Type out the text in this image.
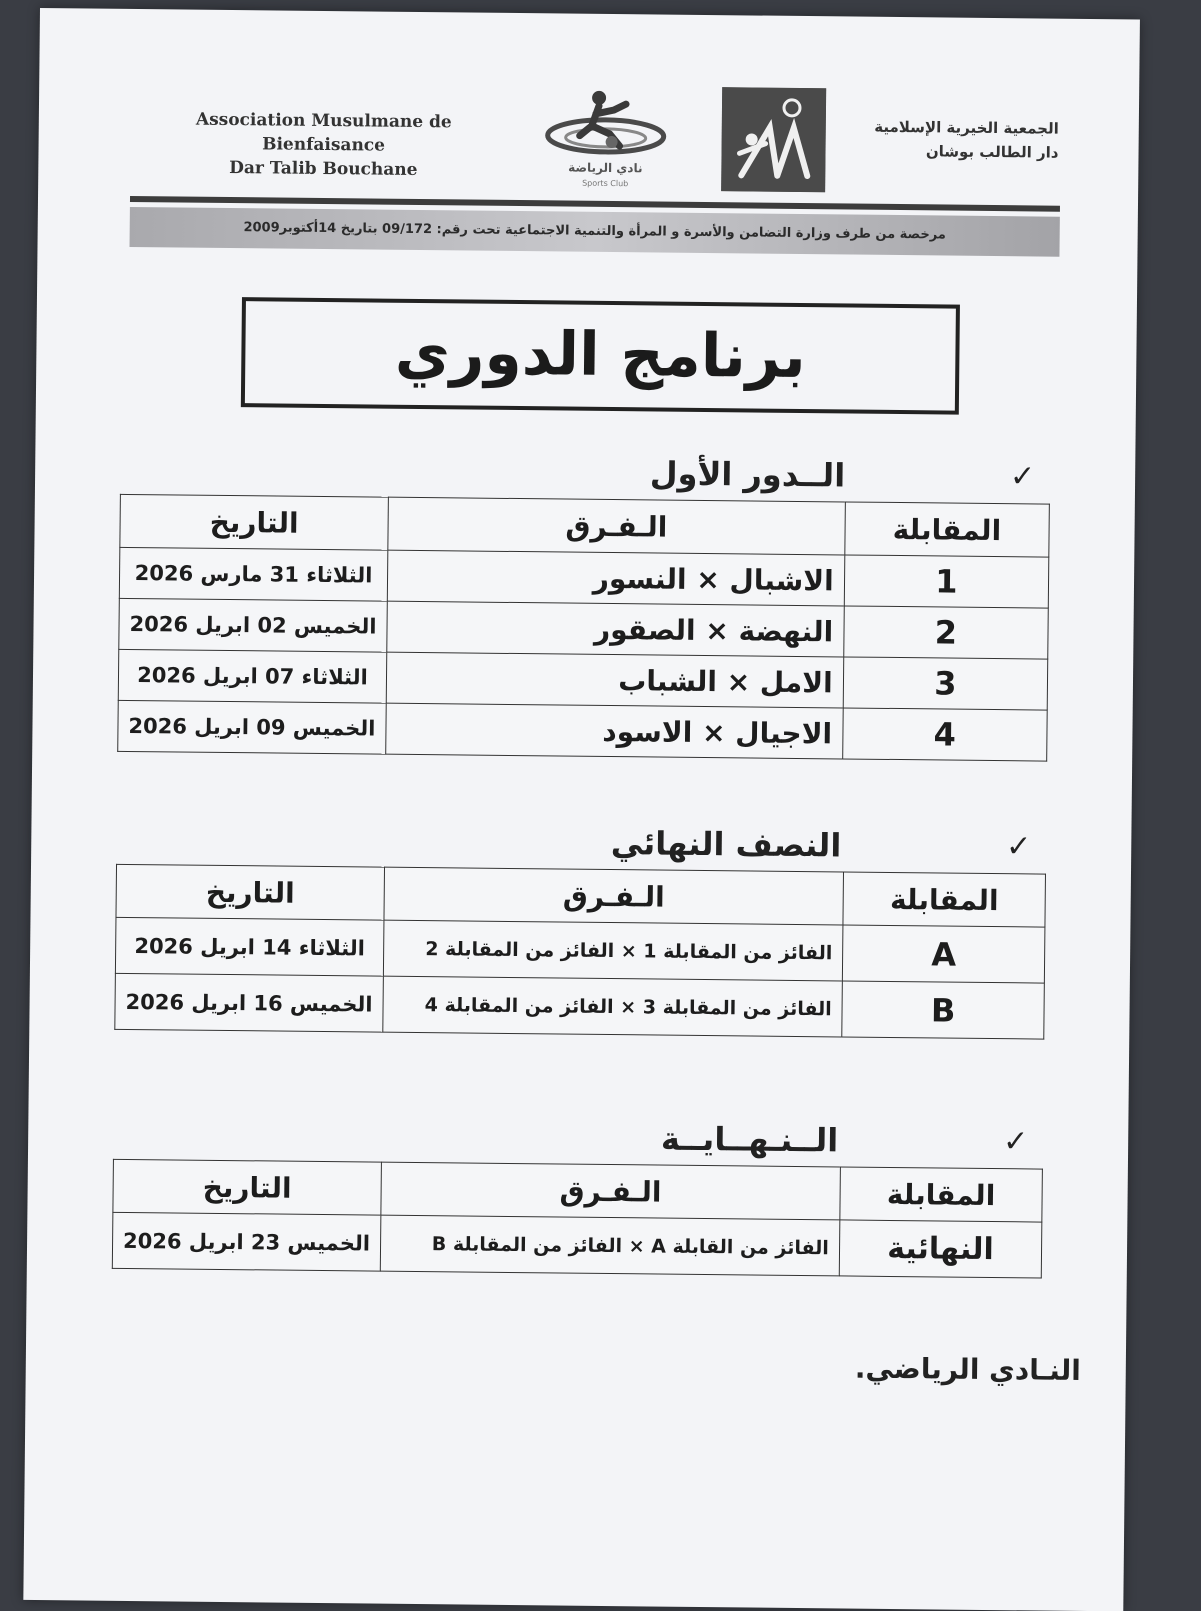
Association Musulmane de Bienfaisance
Dar Talib Bouchane	نادي الرياضة
Sports Club
الجمعية الخيرية الإسلامية
دار الطالب بوشان
مرخصة من طرف وزارة التضامن والأسرة و المرأة والتنمية الاجتماعية تحت رقم: 09/172 بتاريخ 14أكتوبر2009
برنامج الدوري
الــدور الأول	✓
المقابلة	الـفـرق	التاريخ
1	الاشبال × النسور	الثلاثاء 31 مارس 2026
2	النهضة × الصقور	الخميس 02 ابريل 2026
3	الامل × الشباب	الثلاثاء 07 ابريل 2026
4	الاجيال × الاسود	الخميس 09 ابريل 2026
النصف النهائي	✓
المقابلة	الـفـرق	التاريخ
A	الفائز من المقابلة 1 × الفائز من المقابلة 2	الثلاثاء 14 ابريل 2026
B	الفائز من المقابلة 3 × الفائز من المقابلة 4	الخميس 16 ابريل 2026
الــنـهــايــة	✓
المقابلة	الـفـرق	التاريخ
النهائية	الفائز من القابلة A × الفائز من المقابلة B	الخميس 23 ابريل 2026
النـادي الرياضي.
